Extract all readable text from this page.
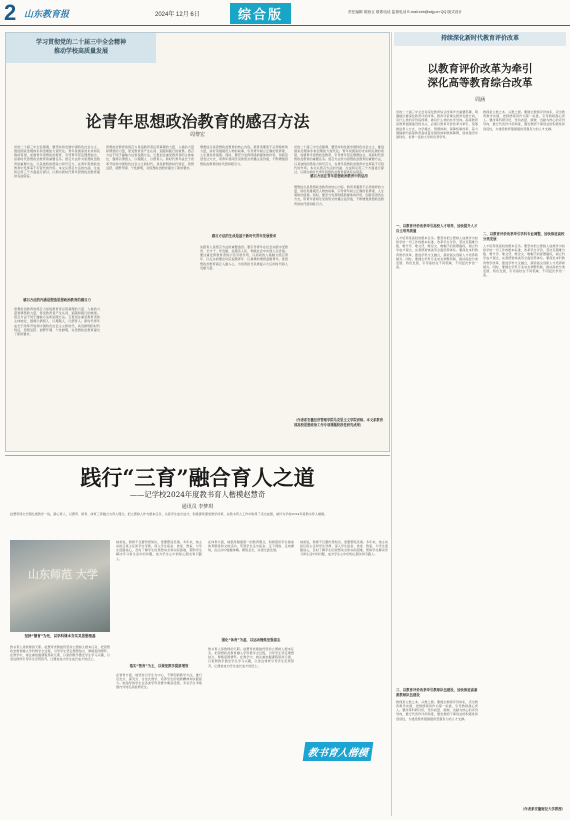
2 山东教育报	2024年 12月 6日	综合版	责任编辑 胡西玉 联系电话 监督电话 E-mail:zxb@sdjy.cn QQ 版式设计
学习贯彻党的二十届三中全会精神
推动学校高质量发展
论青年思想政治教育的感召方法
周黎宏
党的二十届三中全会强调，要坚持和发展中国特色社会主义，推进国家治理体系和治理能力现代化。青年是国家的未来和民族的希望，加强青年思想政治教育，引导青年坚定理想信念，是新时代思想政治教育的重要任务。感召方法作为思想政治教育的重要方法，以其独特的感染力和号召力，在青年思想政治教育中发挥着不可替代的作用。本文从感召方法的内涵、生成和运用三个方面进行探讨，以期为新时代青年思想政治教育提供有益借鉴。
感召方法的内涵是塑造思想政治教育的感召力
思想政治教育的感召力是指教育者运用真理的力量、人格的力量和情感的力量，使受教育者产生认同、追随和践行的效果。感召方法不同于灌输方法和说服方法，它更加注重受教育者的主体地位，强调以情感人、以理服人、以德育人。新时代青年成长于改革开放和中国特色社会主义新时代，具有鲜明的时代特征，思想活跃、视野开阔、个性鲜明，对思想政治教育提出了新的要求。
思想政治教育的感召力是指教育者运用真理的力量、人格的力量和情感的力量，使受教育者产生认同、追随和践行的效果。感召方法不同于灌输方法和说服方法，它更加注重受教育者的主体地位，强调以情感人、以理服人、以德育人。新时代青年成长于改革开放和中国特色社会主义新时代，具有鲜明的时代特征，思想活跃、视野开阔、个性鲜明，对思想政治教育提出了新的要求。
感召方法的生成是基于新时代青年发展要求
理想信念是思想政治教育的核心内容。教育者要善于运用榜样的力量，讲好英雄模范人物的故事，引导青年树立正确的世界观、人生观和价值观。同时，要充分发挥网络新媒体的作用，创新话语表达方式，用青年喜闻乐见的形式传播主流价值，不断增强思想政治教育的时代感和吸引力。
实践育人是感召方法的重要途径。要引导青年在社会实践中受教育、长才干、作贡献，在服务人民、奉献社会中实现人生价值。要注重发挥教育者的示范引领作用，以高尚的人格魅力感召青年、以扎实的理论功底说服青年、以真挚的情感温暖青年，使思想政治教育真正入脑入心，为培养担当民族复兴大任的时代新人贡献力量。
感召方法在青年思想政治教育中的运用
党的二十届三中全会强调，要坚持和发展中国特色社会主义，推进国家治理体系和治理能力现代化。青年是国家的未来和民族的希望，加强青年思想政治教育，引导青年坚定理想信念，是新时代思想政治教育的重要任务。感召方法作为思想政治教育的重要方法，以其独特的感染力和号召力，在青年思想政治教育中发挥着不可替代的作用。本文从感召方法的内涵、生成和运用三个方面进行探讨，以期为新时代青年思想政治教育提供有益借鉴。
理想信念是思想政治教育的核心内容。教育者要善于运用榜样的力量，讲好英雄模范人物的故事，引导青年树立正确的世界观、人生观和价值观。同时，要充分发挥网络新媒体的作用，创新话语表达方式，用青年喜闻乐见的形式传播主流价值，不断增强思想政治教育的时代感和吸引力。
（作者系安徽经济管理学院马克思主义学院讲师。本文系教育部高校思想政治工作专项课题阶段性研究成果）
践行“三育”融合育人之道
——记学校2024年度教书育人楷模赵慧奇
通讯员 李梦琪
赵慧奇同志长期扎根教学一线，潜心育人，以德育、智育、体育三育融合为育人理念，把立德树人作为根本任务，关爱学生成长成才，积极探索课堂教学改革，在教书育人工作中取得了突出成绩，被评为学校2024年度教书育人楷模。
山东师范 大学
坚持“德育”为先，以学科课本夯实其思想根基
教书育人是教师的天职。赵慧奇老师始终坚持立德树人根本任务，把思想政治教育融入学科教学全过程，引导学生坚定理想信念、厚植爱国情怀。在教学中，她注重挖掘课程思政元素，以案例教学激发学生学习兴趣，以身边榜样引导学生见贤思齐，让课堂成为学生成长成才的沃土。
她常说，教师不仅要传授知识，更要塑造灵魂。多年来，她主动担任班主任和学生导师，深入学生宿舍、食堂、教室，与学生促膝谈心，及时了解学生的思想动态和实际困难，帮助学生解决学习和生活中的问题，成为学生心中的知心朋友和引路人。
落实“智育”为主，以课堂教学提质增效
在智育方面，她坚持以学生为中心，不断创新教学方法，推行启发式、探究式、讨论式教学，培养学生的创新精神和实践能力。她指导的学生在各类学科竞赛中屡获佳绩，多名学生考取国内外知名高校研究生。
在体育方面，她倡导健康第一的教育理念，积极组织学生参加体育锻炼和文体活动，带领学生走出宿舍、走下网络、走向操场，在运动中强健体魄、锤炼意志，实现全面发展。
强化“体育”为基，以运动锤炼坚强意志
教书育人是教师的天职。赵慧奇老师始终坚持立德树人根本任务，把思想政治教育融入学科教学全过程，引导学生坚定理想信念、厚植爱国情怀。在教学中，她注重挖掘课程思政元素，以案例教学激发学生学习兴趣，以身边榜样引导学生见贤思齐，让课堂成为学生成长成才的沃土。
她常说，教师不仅要传授知识，更要塑造灵魂。多年来，她主动担任班主任和学生导师，深入学生宿舍、食堂、教室，与学生促膝谈心，及时了解学生的思想动态和实际困难，帮助学生解决学习和生活中的问题，成为学生心中的知心朋友和引路人。
教书育人楷模
持续深化新时代教育评价改革
以教育评价改革为牵引
深化高等教育综合改革
周涵
党的二十届三中全会对深化教育综合改革作出重要部署，明确提出要深化教育评价改革。教育评价事关教育发展方向，有什么样的评价指挥棒，就有什么样的办学导向。高等教育是教育强国建设的龙头，必须以教育评价改革为牵引，统筹推进育人方式、办学模式、管理体制、保障机制改革，着力破除制约高等教育高质量发展的体制机制障碍，加快建设中国特色、世界一流的大学和优势学科。
一、以教育评价改革牵引高校人才培养，加快提升人才自主培养质量
人才培养是高校的根本任务。要坚持把立德树人成效作为检验学校一切工作的根本标准，改革学生评价，坚决克服唯分数、唯升学、唯文凭、唯论文、唯帽子的顽瘴痼疾，树立科学成才观念，完善德智体美劳全面培养体系。要深化本科教育教学改革，推进学科交叉融合，探索拔尖创新人才培养新模式。同时，要健全学科专业动态调整机制，推动高校分类发展、特色发展，引导高校在不同领域、不同层次争创一流。
三、以教育评价改革牵引教师队伍建设，加快推进高素质教师队伍建设
教师是立教之本、兴教之源。要健全教师评价体系，突出教育教学实绩，把师德师风作为第一标准，引导教师潜心育人。要改革科研评价，坚持质量、绩效、贡献为核心的评价导向，推行代表作评价制度，激发教师干事创业的积极性和创造性，为建设教育强国提供坚强有力的人才支撑。
教师是立教之本、兴教之源。要健全教师评价体系，突出教育教学实绩，把师德师风作为第一标准，引导教师潜心育人。要改革科研评价，坚持质量、绩效、贡献为核心的评价导向，推行代表作评价制度，激发教师干事创业的积极性和创造性，为建设教育强国提供坚强有力的人才支撑。
二、以教育评价改革牵引学科专业调整，加快推进高校分类发展
人才培养是高校的根本任务。要坚持把立德树人成效作为检验学校一切工作的根本标准，改革学生评价，坚决克服唯分数、唯升学、唯文凭、唯论文、唯帽子的顽瘴痼疾，树立科学成才观念，完善德智体美劳全面培养体系。要深化本科教育教学改革，推进学科交叉融合，探索拔尖创新人才培养新模式。同时，要健全学科专业动态调整机制，推动高校分类发展、特色发展，引导高校在不同领域、不同层次争创一流。
（作者系安徽财经大学教授）
